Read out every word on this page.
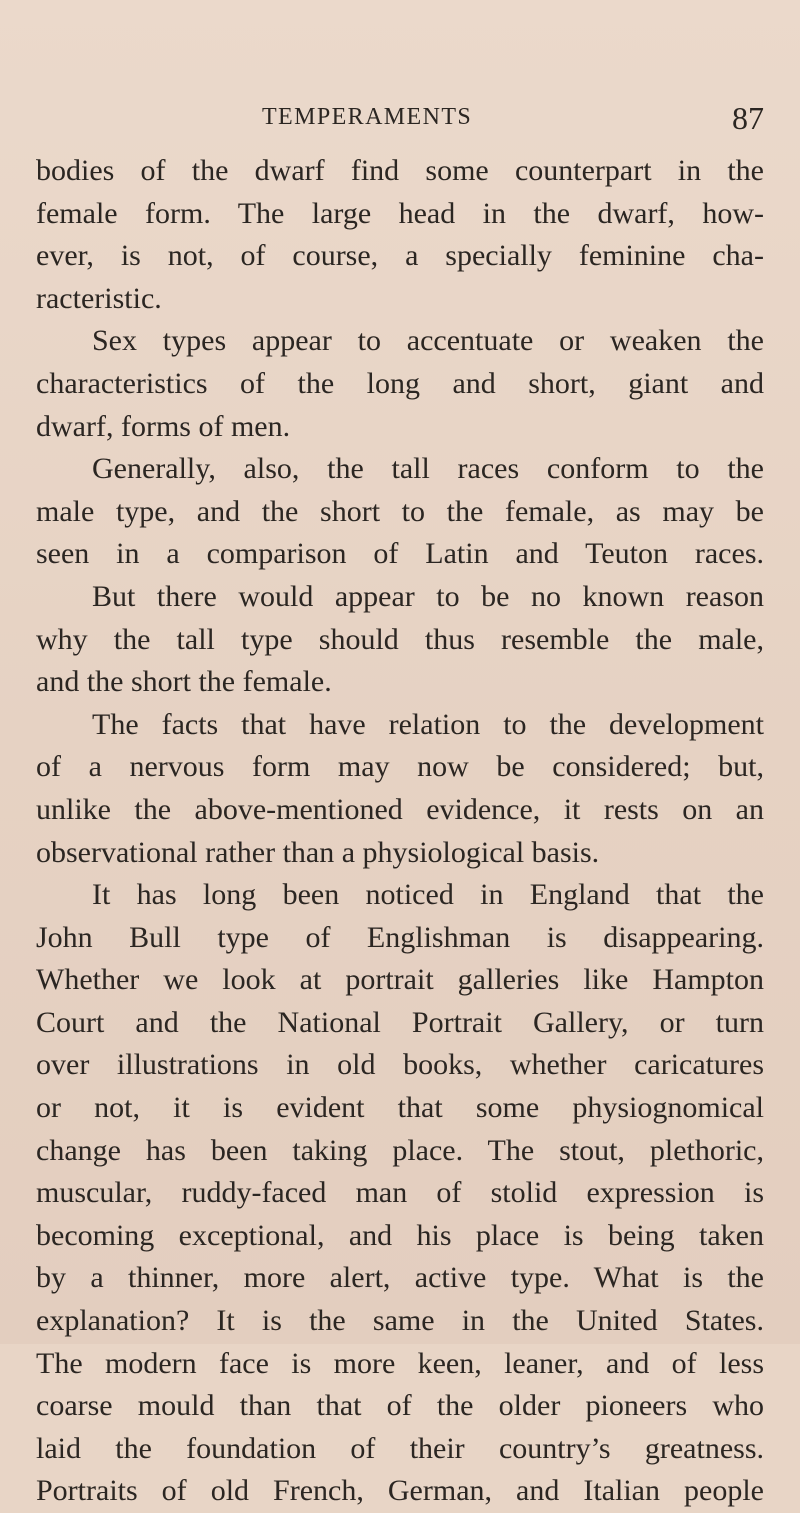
TEMPERAMENTS	87
bodies of the dwarf find some counterpart in the
female form. The large head in the dwarf, how-
ever, is not, of course, a specially feminine cha-
racteristic.
Sex types appear to accentuate or weaken the
characteristics of the long and short, giant and
dwarf, forms of men.
Generally, also, the tall races conform to the
male type, and the short to the female, as may be
seen in a comparison of Latin and Teuton races.
But there would appear to be no known reason
why the tall type should thus resemble the male,
and the short the female.
The facts that have relation to the development
of a nervous form may now be considered; but,
unlike the above-mentioned evidence, it rests on an
observational rather than a physiological basis.
It has long been noticed in England that the
John Bull type of Englishman is disappearing.
Whether we look at portrait galleries like Hampton
Court and the National Portrait Gallery, or turn
over illustrations in old books, whether caricatures
or not, it is evident that some physiognomical
change has been taking place. The stout, plethoric,
muscular, ruddy-faced man of stolid expression is
becoming exceptional, and his place is being taken
by a thinner, more alert, active type. What is the
explanation? It is the same in the United States.
The modern face is more keen, leaner, and of less
coarse mould than that of the older pioneers who
laid the foundation of their country’s greatness.
Portraits of old French, German, and Italian people
